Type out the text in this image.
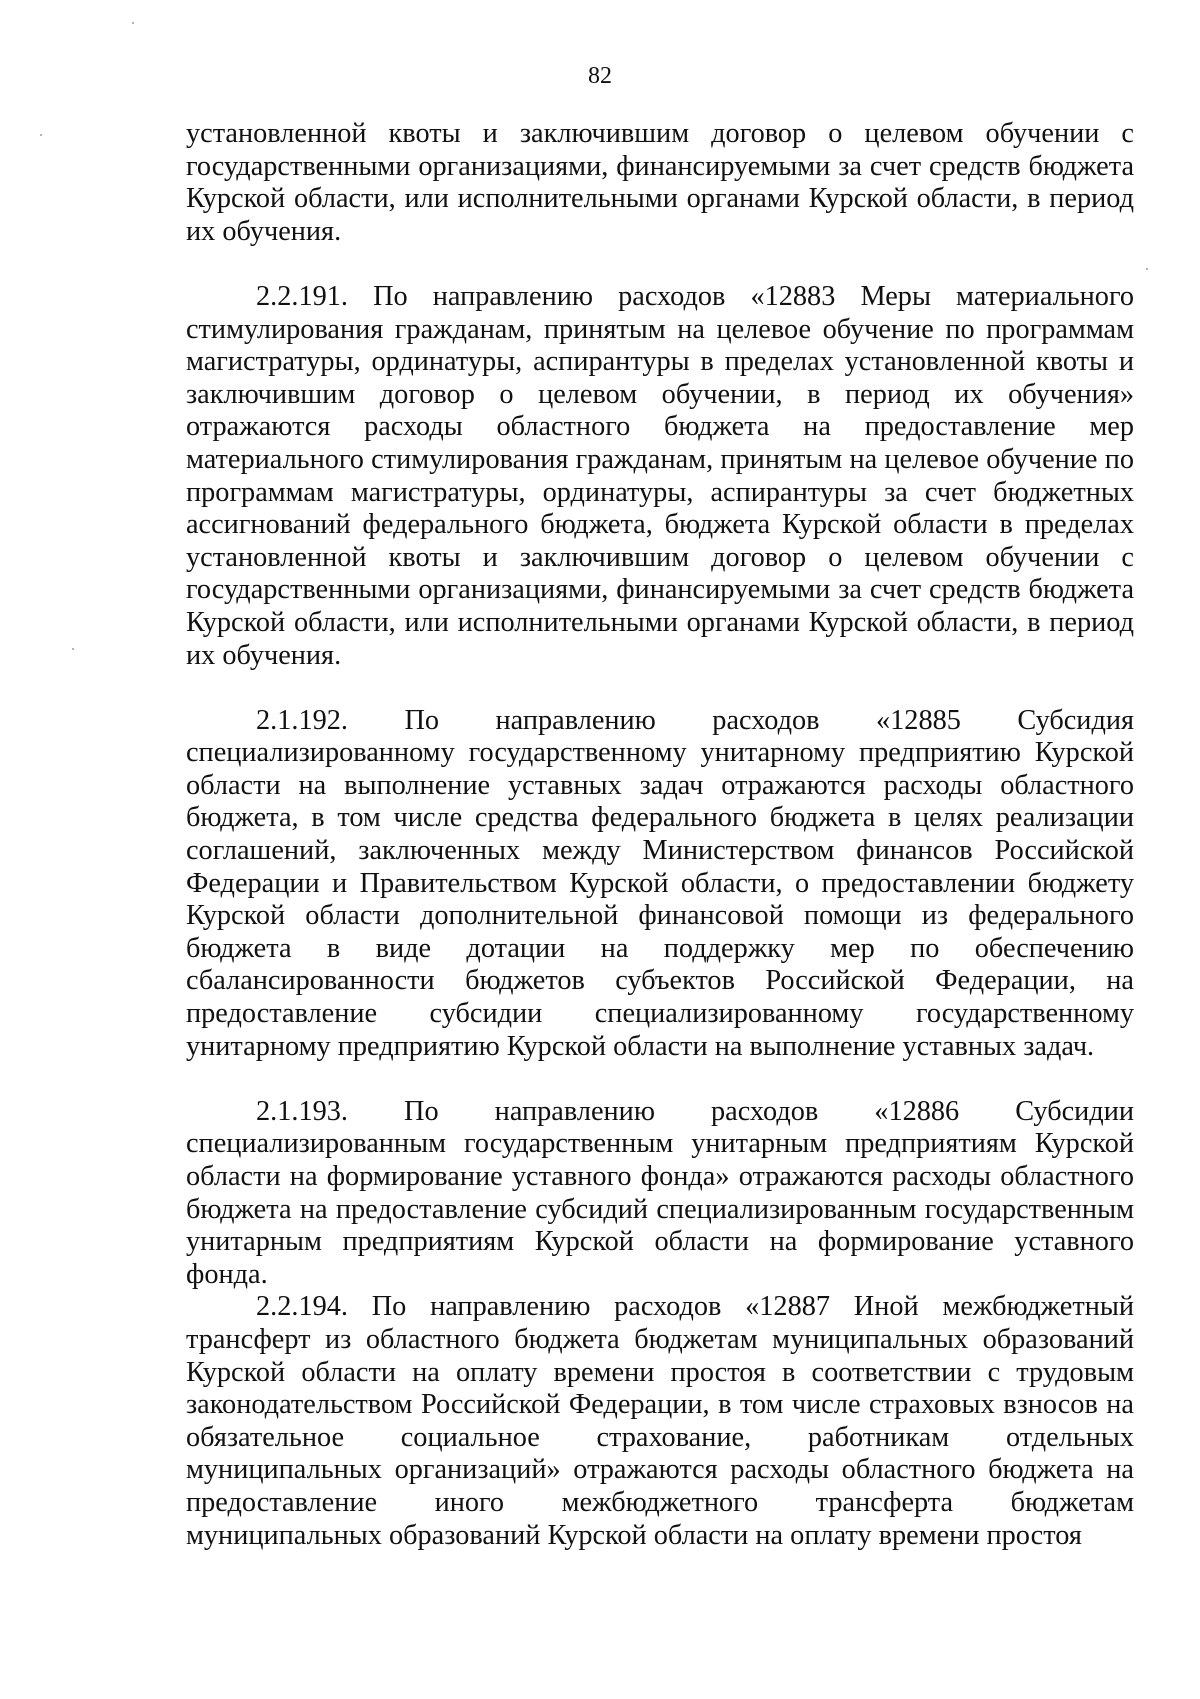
82

установленной квоты и заключившим договор о целевом обучении с государственными организациями, финансируемыми за счет средств бюджета Курской области, или исполнительными органами Курской области, в период их обучения.

2.2.191. По направлению расходов «12883 Меры материального стимулирования гражданам, принятым на целевое обучение по программам магистратуры, ординатуры, аспирантуры в пределах установленной квоты и заключившим договор о целевом обучении, в период их обучения» отражаются расходы областного бюджета на предоставление мер материального стимулирования гражданам, принятым на целевое обучение по программам магистратуры, ординатуры, аспирантуры за счет бюджетных ассигнований федерального бюджета, бюджета Курской области в пределах установленной квоты и заключившим договор о целевом обучении с государственными организациями, финансируемыми за счет средств бюджета Курской области, или исполнительными органами Курской области, в период их обучения.

2.1.192. По направлению расходов «12885 Субсидия специализированному государственному унитарному предприятию Курской области на выполнение уставных задач отражаются расходы областного бюджета, в том числе средства федерального бюджета в целях реализации соглашений, заключенных между Министерством финансов Российской Федерации и Правительством Курской области, о предоставлении бюджету Курской области дополнительной финансовой помощи из федерального бюджета в виде дотации на поддержку мер по обеспечению сбалансированности бюджетов субъектов Российской Федерации, на предоставление субсидии специализированному государственному унитарному предприятию Курской области на выполнение уставных задач.

2.1.193. По направлению расходов «12886 Субсидии специализированным государственным унитарным предприятиям Курской области на формирование уставного фонда» отражаются расходы областного бюджета на предоставление субсидий специализированным государственным унитарным предприятиям Курской области на формирование уставного фонда.

2.2.194. По направлению расходов «12887 Иной межбюджетный трансферт из областного бюджета бюджетам муниципальных образований Курской области на оплату времени простоя в соответствии с трудовым законодательством Российской Федерации, в том числе страховых взносов на обязательное социальное страхование, работникам отдельных муниципальных организаций» отражаются расходы областного бюджета на предоставление иного межбюджетного трансферта бюджетам муниципальных образований Курской области на оплату времени простоя
